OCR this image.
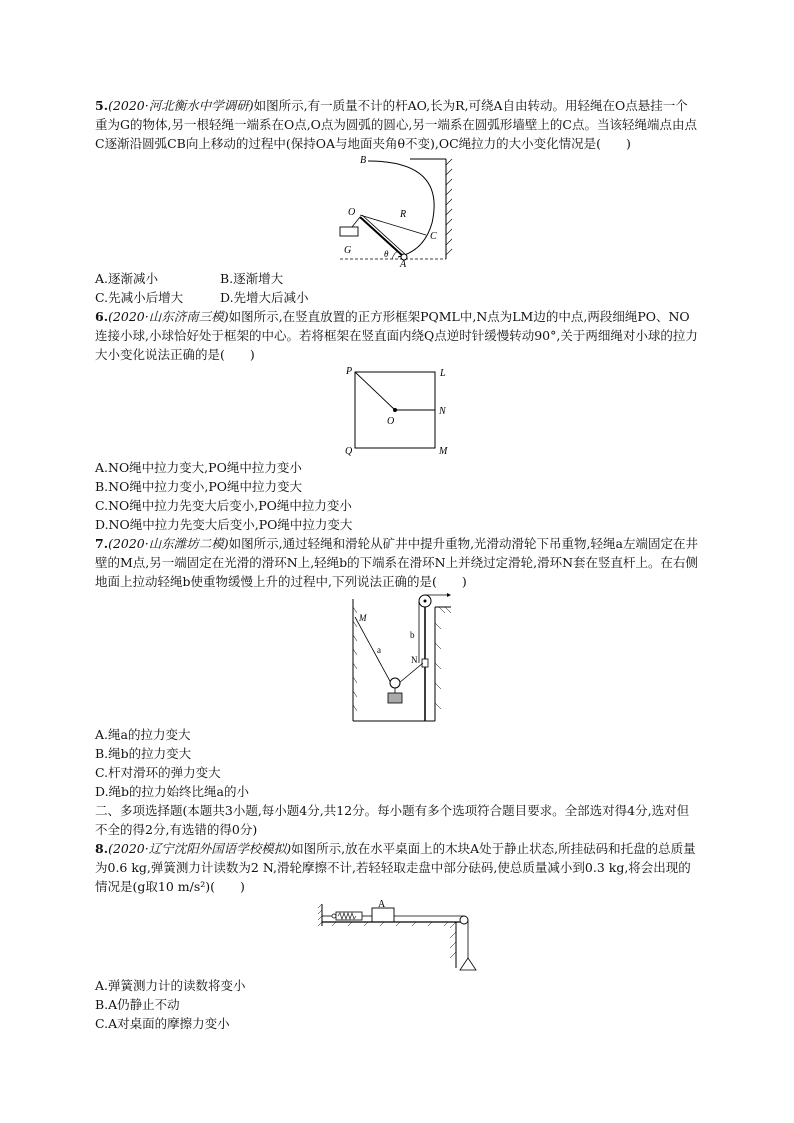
5.(2020·河北衡水中学调研)如图所示,有一质量不计的杆AO,长为R,可绕A自由转动。用轻绳在O点悬挂一个重为G的物体,另一根轻绳一端系在O点,O点为圆弧的圆心,另一端系在圆弧形墙壁上的C点。当该轻绳端点由点C逐渐沿圆弧CB向上移动的过程中(保持OA与地面夹角θ不变),OC绳拉力的大小变化情况是(　　)

B
O	R
C
G
A
θ
A.逐渐减小	B.逐渐增大
C.先减小后增大	D.先增大后减小

6.(2020·山东济南三模)如图所示,在竖直放置的正方形框架PQML中,N点为LM边的中点,两段细绳PO、NO连接小球,小球恰好处于框架的中心。若将框架在竖直面内绕Q点逆时针缓慢转动90°,关于两细绳对小球的拉力大小变化说法正确的是(　　)

P	L
O
N
Q	M

A.NO绳中拉力变大,PO绳中拉力变小

B.NO绳中拉力变小,PO绳中拉力变大

C.NO绳中拉力先变大后变小,PO绳中拉力变小

D.NO绳中拉力先变大后变小,PO绳中拉力变大

7.(2020·山东潍坊二模)如图所示,通过轻绳和滑轮从矿井中提升重物,光滑动滑轮下吊重物,轻绳a左端固定在井壁的M点,另一端固定在光滑的滑环N上,轻绳b的下端系在滑环N上并绕过定滑轮,滑环N套在竖直杆上。在右侧地面上拉动轻绳b使重物缓慢上升的过程中,下列说法正确的是(　　)

M
a
b
N

A.绳a的拉力变大

B.绳b的拉力变大

C.杆对滑环的弹力变大

D.绳b的拉力始终比绳a的小

二、多项选择题(本题共3小题,每小题4分,共12分。每小题有多个选项符合题目要求。全部选对得4分,选对但不全的得2分,有选错的得0分)

8.(2020·辽宁沈阳外国语学校模拟)如图所示,放在水平桌面上的木块A处于静止状态,所挂砝码和托盘的总质量为0.6 kg,弹簧测力计读数为2 N,滑轮摩擦不计,若轻轻取走盘中部分砝码,使总质量减小到0.3 kg,将会出现的情况是(g取10 m/s²)(　　)

A

A.弹簧测力计的读数将变小

B.A仍静止不动

C.A对桌面的摩擦力变小
